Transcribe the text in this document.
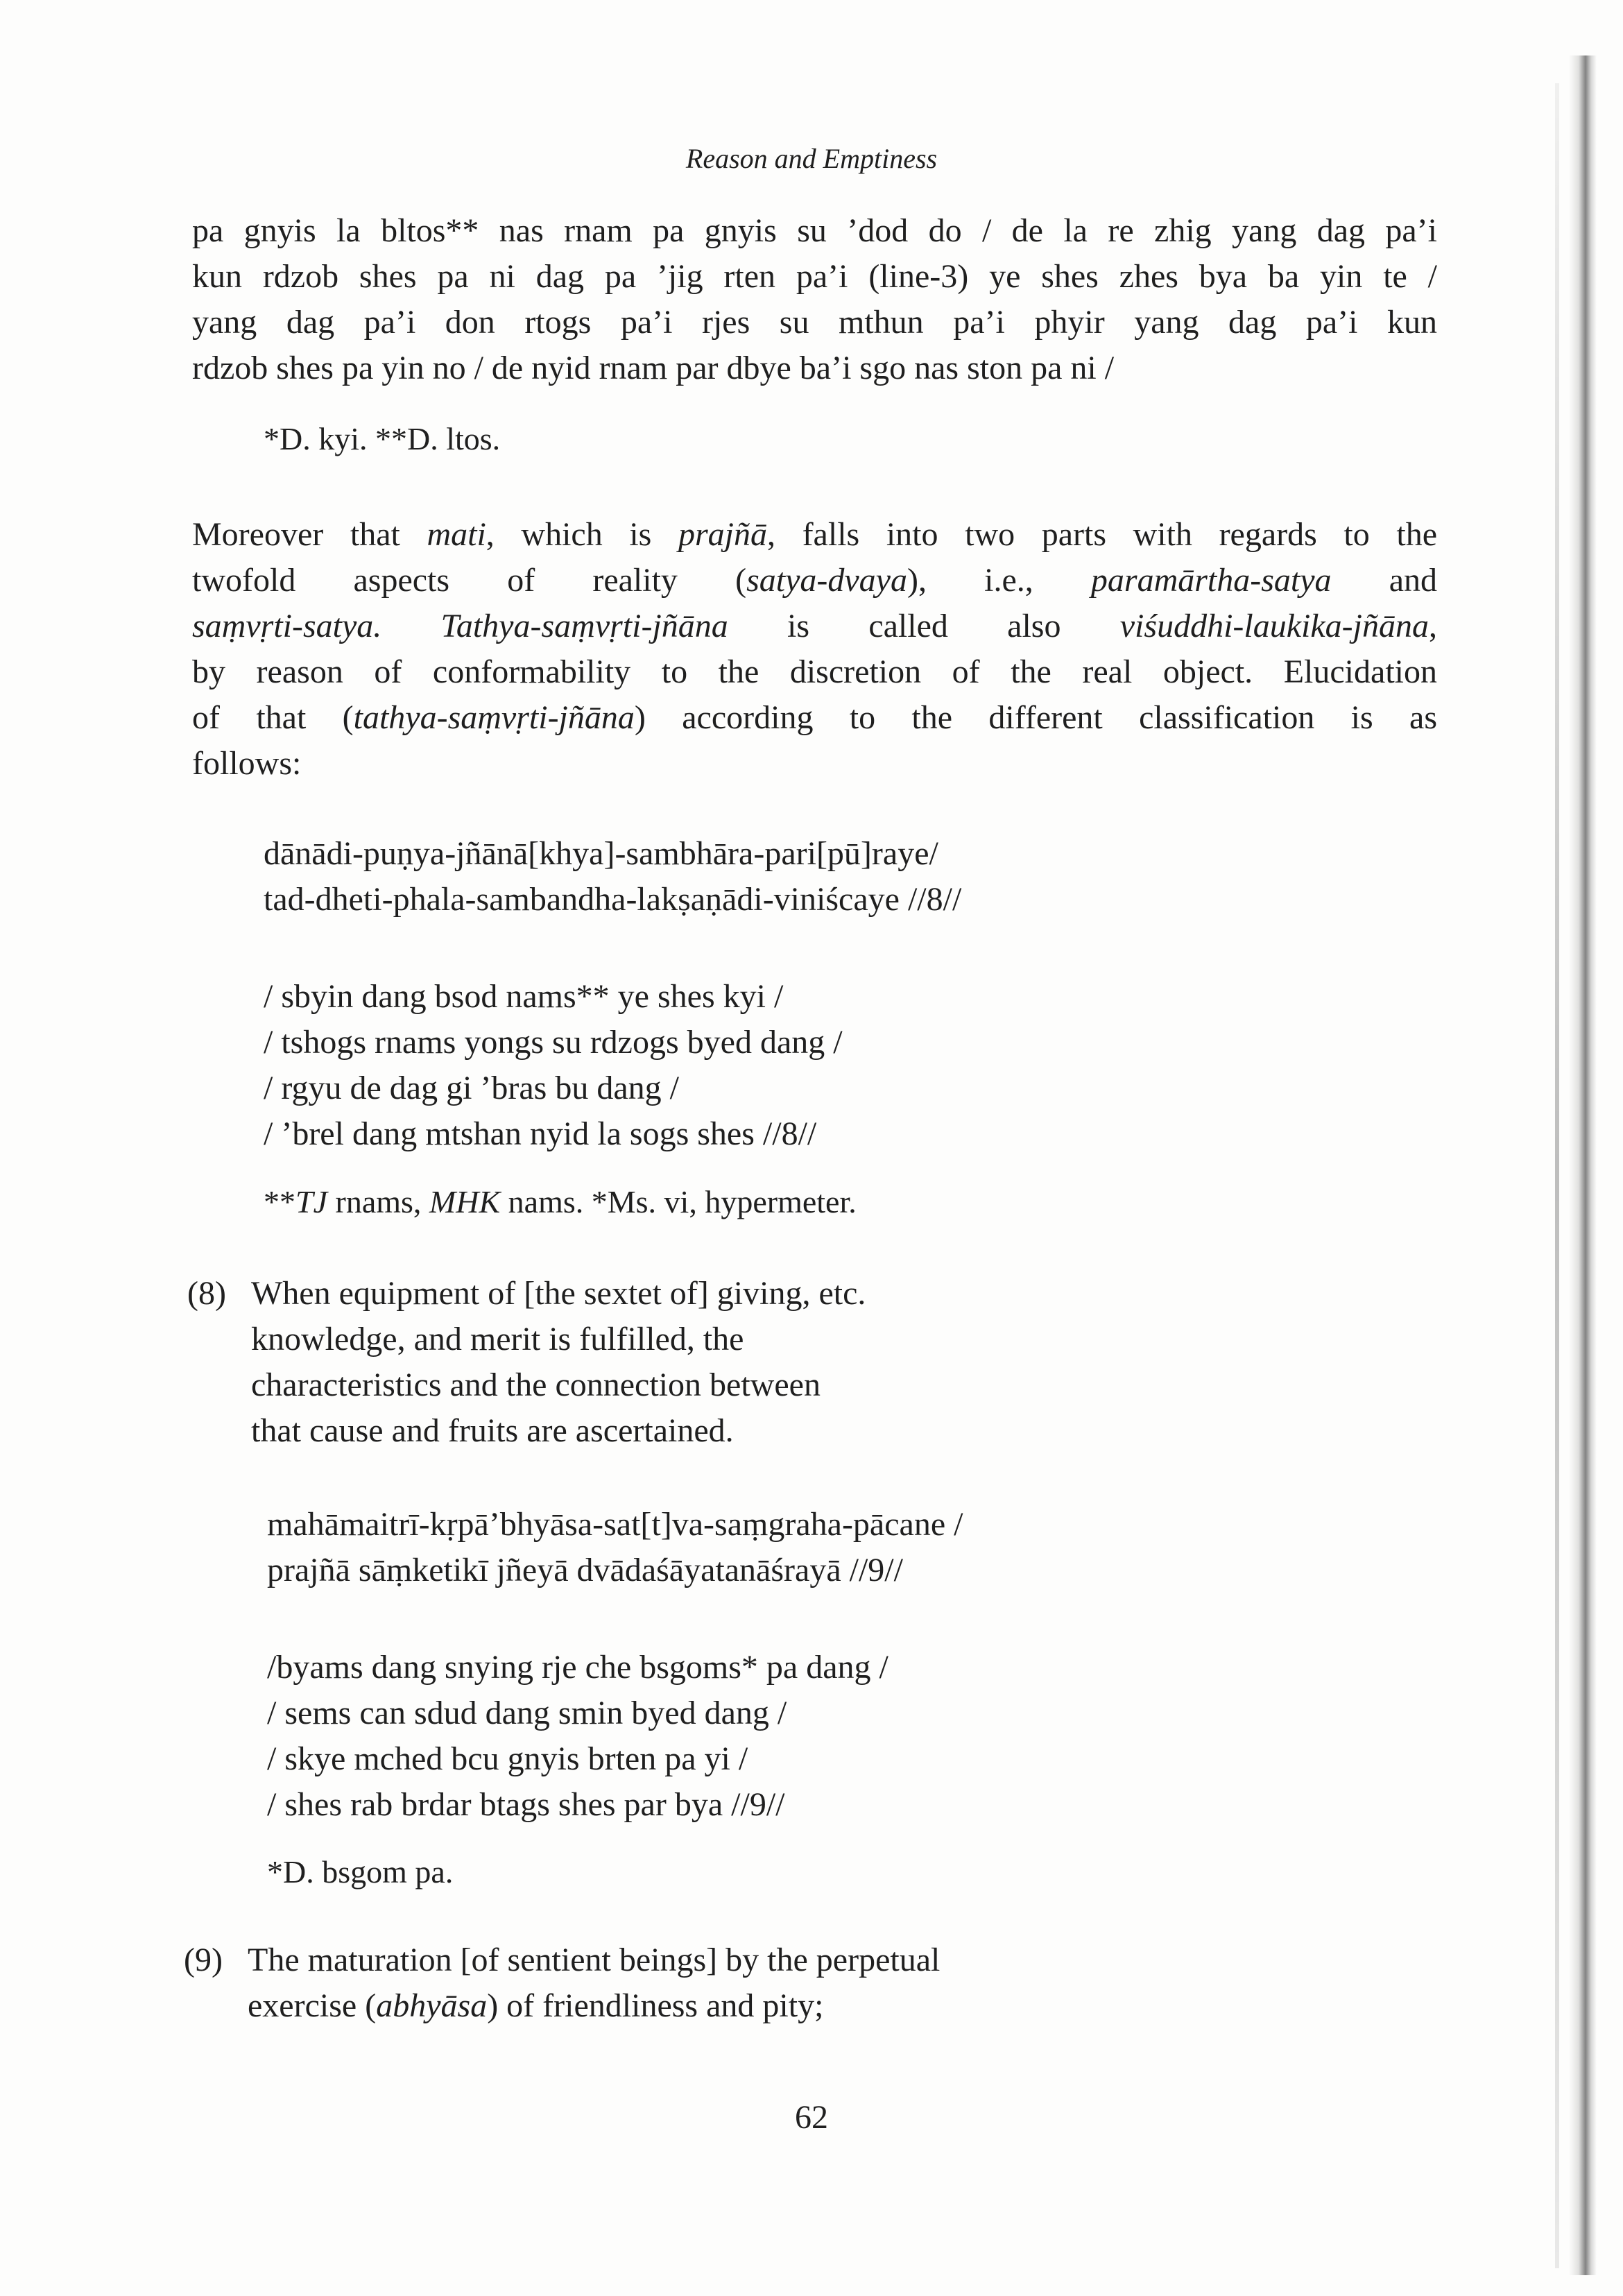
Reason and Emptiness
pa gnyis la bltos** nas rnam pa gnyis su ’dod do / de la re zhig yang dag pa’i
kun rdzob shes pa ni dag pa ’jig rten pa’i (line-3) ye shes zhes bya ba yin te /
yang dag pa’i don rtogs pa’i rjes su mthun pa’i phyir yang dag pa’i kun
rdzob shes pa yin no / de nyid rnam par dbye ba’i sgo nas ston pa ni /
*D. kyi. **D. ltos.
Moreover that mati, which is prajñā, falls into two parts with regards to the
twofold aspects of reality (satya-dvaya), i.e., paramārtha-satya and
saṃvṛti-satya. Tathya-saṃvṛti-jñāna is called also viśuddhi-laukika-jñāna,
by reason of conformability to the discretion of the real object. Elucidation
of that (tathya-saṃvṛti-jñāna) according to the different classification is as
follows:
dānādi-puṇya-jñānā[khya]-sambhāra-pari[pū]raye/
tad-dheti-phala-sambandha-lakṣaṇādi-viniścaye //8//
/ sbyin dang bsod nams** ye shes kyi /
/ tshogs rnams yongs su rdzogs byed dang /
/ rgyu de dag gi ’bras bu dang /
/ ’brel dang mtshan nyid la sogs shes //8//
**TJ rnams, MHK nams. *Ms. vi, hypermeter.
(8) When equipment of [the sextet of] giving, etc.
knowledge, and merit is fulfilled, the
characteristics and the connection between
that cause and fruits are ascertained.
mahāmaitrī-kṛpā’bhyāsa-sat[t]va-saṃgraha-pācane /
prajñā sāṃketikī jñeyā dvādaśāyatanāśrayā //9//
/byams dang snying rje che bsgoms* pa dang /
/ sems can sdud dang smin byed dang /
/ skye mched bcu gnyis brten pa yi /
/ shes rab brdar btags shes par bya //9//
*D. bsgom pa.
(9) The maturation [of sentient beings] by the perpetual
exercise (abhyāsa) of friendliness and pity;
62
